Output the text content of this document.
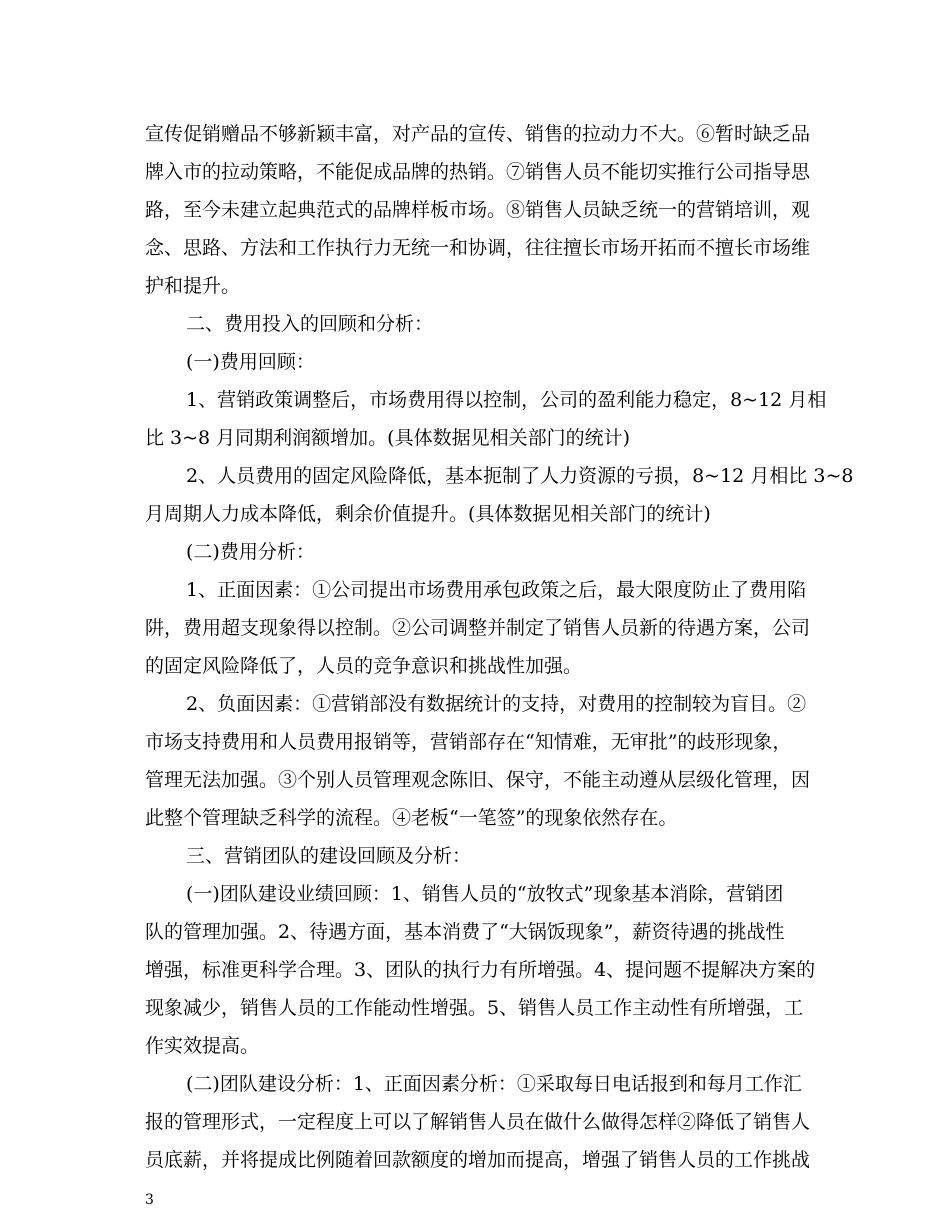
宣传促销赠品不够新颖丰富，对产品的宣传、销售的拉动力不大。⑥暂时缺乏品
牌入市的拉动策略，不能促成品牌的热销。⑦销售人员不能切实推行公司指导思
路，至今未建立起典范式的品牌样板市场。⑧销售人员缺乏统一的营销培训，观
念、思路、方法和工作执行力无统一和协调，往往擅长市场开拓而不擅长市场维
护和提升。
二、费用投入的回顾和分析：
(一)费用回顾：
1、营销政策调整后，市场费用得以控制，公司的盈利能力稳定，8~12 月相
比 3~8 月同期利润额增加。(具体数据见相关部门的统计)
2、人员费用的固定风险降低，基本扼制了人力资源的亏损，8~12 月相比 3~8
月周期人力成本降低，剩余价值提升。(具体数据见相关部门的统计)
(二)费用分析：
1、正面因素：①公司提出市场费用承包政策之后，最大限度防止了费用陷
阱，费用超支现象得以控制。②公司调整并制定了销售人员新的待遇方案，公司
的固定风险降低了，人员的竞争意识和挑战性加强。
2、负面因素：①营销部没有数据统计的支持，对费用的控制较为盲目。②
市场支持费用和人员费用报销等，营销部存在“知情难，无审批”的歧形现象，
管理无法加强。③个别人员管理观念陈旧、保守，不能主动遵从层级化管理，因
此整个管理缺乏科学的流程。④老板“一笔签”的现象依然存在。
三、营销团队的建设回顾及分析：
(一)团队建设业绩回顾：1、销售人员的“放牧式”现象基本消除，营销团
队的管理加强。2、待遇方面，基本消费了“大锅饭现象”，薪资待遇的挑战性
增强，标准更科学合理。3、团队的执行力有所增强。4、提问题不提解决方案的
现象减少，销售人员的工作能动性增强。5、销售人员工作主动性有所增强，工
作实效提高。
(二)团队建设分析：1、正面因素分析：①采取每日电话报到和每月工作汇
报的管理形式，一定程度上可以了解销售人员在做什么做得怎样②降低了销售人
员底薪，并将提成比例随着回款额度的增加而提高，增强了销售人员的工作挑战
3
